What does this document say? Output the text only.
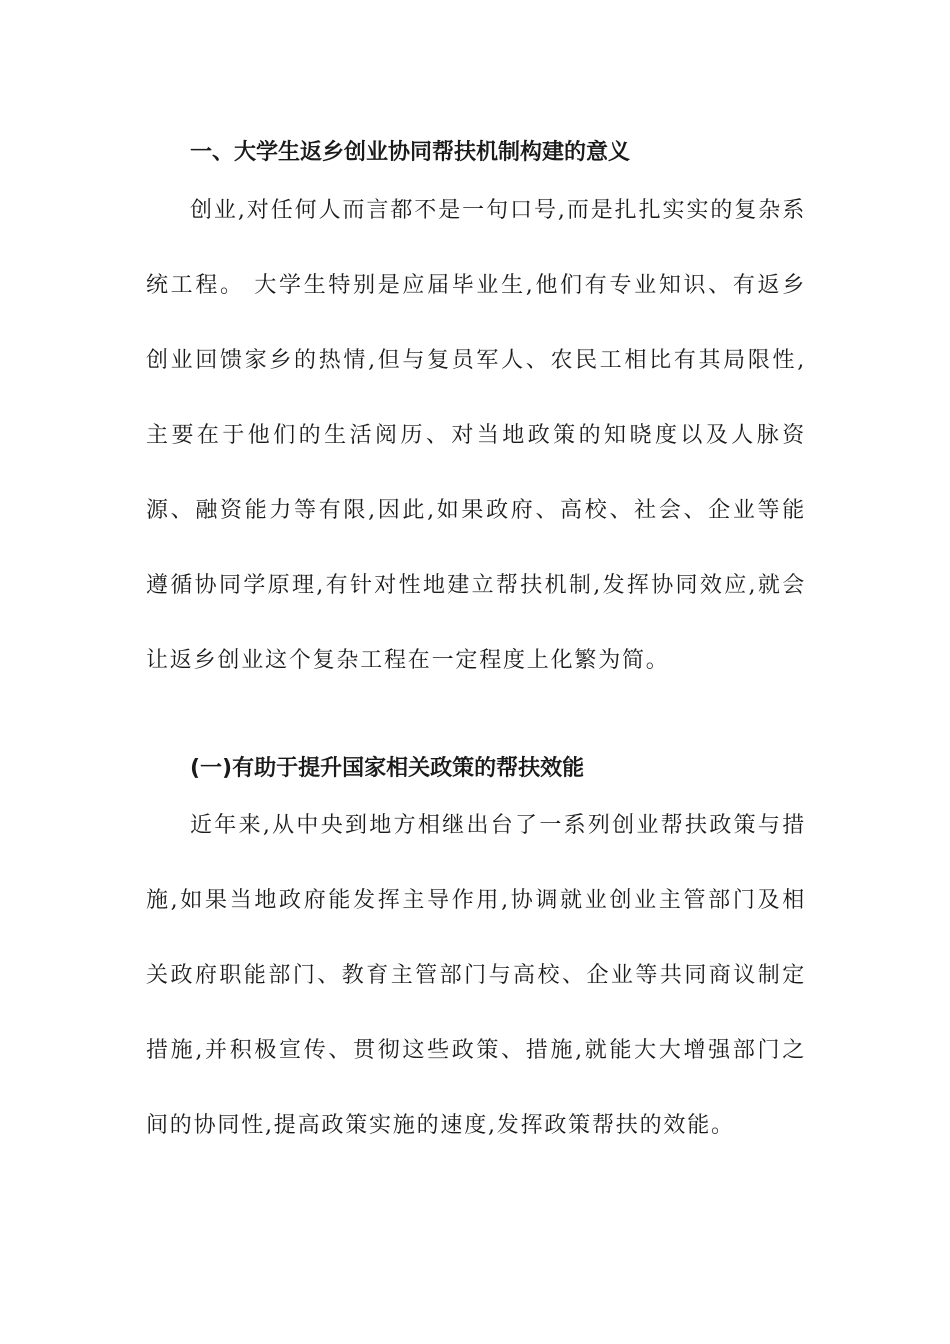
一、大学生返乡创业协同帮扶机制构建的意义

创业,对任何人而言都不是一句口号,而是扎扎实实的复杂系统工程。 大学生特别是应届毕业生,他们有专业知识、有返乡创业回馈家乡的热情,但与复员军人、农民工相比有其局限性,主要在于他们的生活阅历、对当地政策的知晓度以及人脉资源、融资能力等有限,因此,如果政府、高校、社会、企业等能遵循协同学原理,有针对性地建立帮扶机制,发挥协同效应,就会让返乡创业这个复杂工程在一定程度上化繁为简。

(一)有助于提升国家相关政策的帮扶效能

近年来,从中央到地方相继出台了一系列创业帮扶政策与措施,如果当地政府能发挥主导作用,协调就业创业主管部门及相关政府职能部门、教育主管部门与高校、企业等共同商议制定措施,并积极宣传、贯彻这些政策、措施,就能大大增强部门之间的协同性,提高政策实施的速度,发挥政策帮扶的效能。
